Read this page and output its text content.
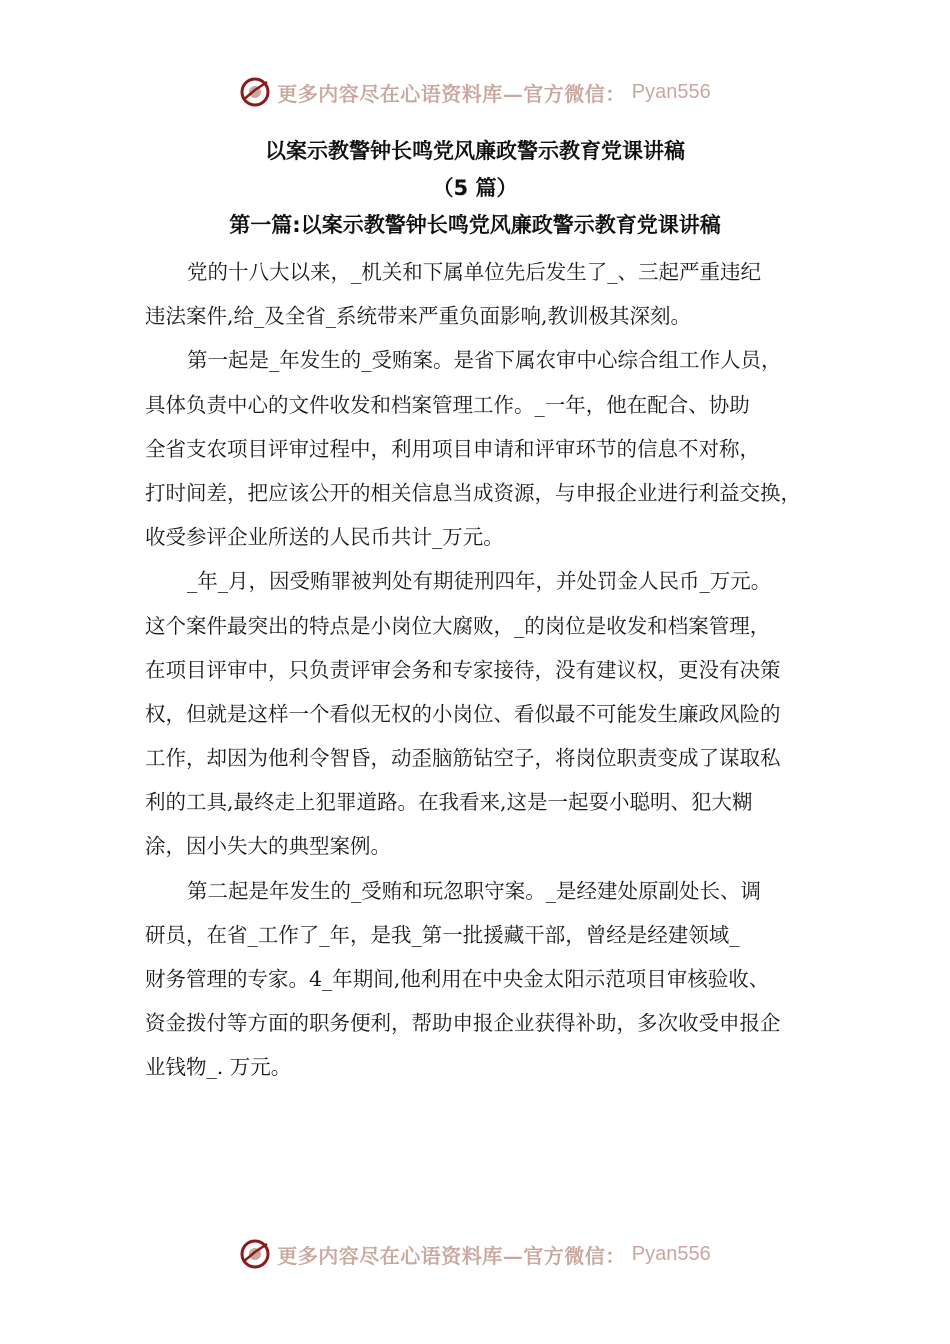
更多内容尽在心语资料库—官方微信： Pyan556
以案示教警钟长鸣党风廉政警示教育党课讲稿
（5 篇）
第一篇:以案示教警钟长鸣党风廉政警示教育党课讲稿
党的十八大以来，_机关和下属单位先后发生了_、三起严重违纪
违法案件,给_及全省_系统带来严重负面影响,教训极其深刻。
第一起是_年发生的_受贿案。是省下属农审中心综合组工作人员，
具体负责中心的文件收发和档案管理工作。_一年，他在配合、协助
全省支农项目评审过程中，利用项目申请和评审环节的信息不对称，
打时间差，把应该公开的相关信息当成资源，与申报企业进行利益交换，
收受参评企业所送的人民币共计_万元。
_年_月，因受贿罪被判处有期徒刑四年，并处罚金人民币_万元。
这个案件最突出的特点是小岗位大腐败，_的岗位是收发和档案管理，
在项目评审中，只负责评审会务和专家接待，没有建议权，更没有决策
权，但就是这样一个看似无权的小岗位、看似最不可能发生廉政风险的
工作，却因为他利令智昏，动歪脑筋钻空子，将岗位职责变成了谋取私
利的工具,最终走上犯罪道路。在我看来,这是一起耍小聪明、犯大糊
涂，因小失大的典型案例。
第二起是年发生的_受贿和玩忽职守案。_是经建处原副处长、调
研员，在省_工作了_年，是我_第一批援藏干部，曾经是经建领域_
财务管理的专家。4_年期间,他利用在中央金太阳示范项目审核验收、
资金拨付等方面的职务便利，帮助申报企业获得补助，多次收受申报企
业钱物_. 万元。
更多内容尽在心语资料库—官方微信： Pyan556
